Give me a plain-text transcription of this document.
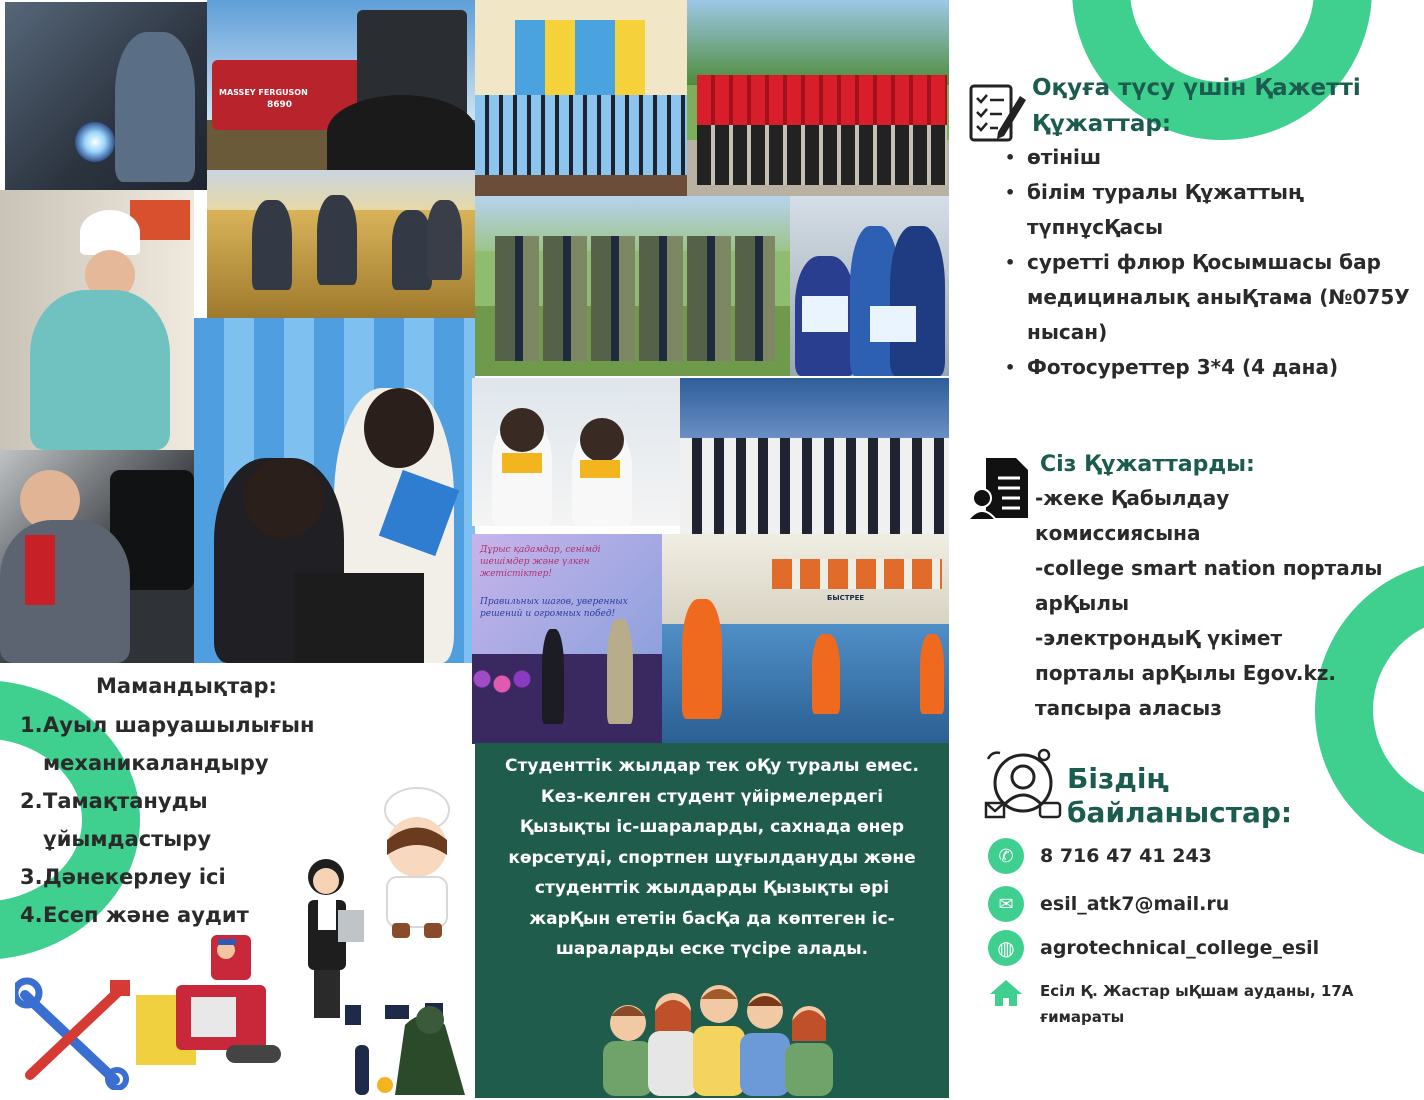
MASSEY FERGUSON
8690
Дұрыс қадамдар, сенімді шешімдер және үлкен жетістіктер!
Правильных шагов, уверенных решений и огромных побед!
БЫСТРЕЕ
Оқуға түсу үшін Қажетті Құжаттар:
• өтініш
• білім туралы Құжаттың түпнұсҚасы
• суретті флюр Қосымшасы бар медициналық аныҚтама (№075У нысан)
• Фотосуреттер 3*4 (4 дана)
Сіз Құжаттарды:
-жеке Қабылдау
комиссиясына
-college smart nation порталы
арҚылы
-электрондыҚ үкімет
порталы арҚылы Egov.kz.
тапсыра аласыз
Біздің
байланыстар:
✆	8 716 47 41 243
✉	esil_atk7@mail.ru
◍	agrotechnical_college_esil
Есіл Қ. Жастар ыҚшам ауданы, 17А
ғимараты
Мамандықтар:
1. Ауыл шаруашылығын
механикаландыру
2. Тамақтануды
ұйымдастыру
3. Дәнекерлеу ісі
4. Есеп және аудит
Студенттік жылдар тек оҚу туралы емес.
Кез-келген студент үйірмелердегі
Қызықты іс-шараларды, сахнада өнер
көрсетуді, спортпен шұғылдануды және
студенттік жылдарды Қызықты әрі
жарҚын ететін басҚа да көптеген іс-
шараларды еске түсіре алады.
